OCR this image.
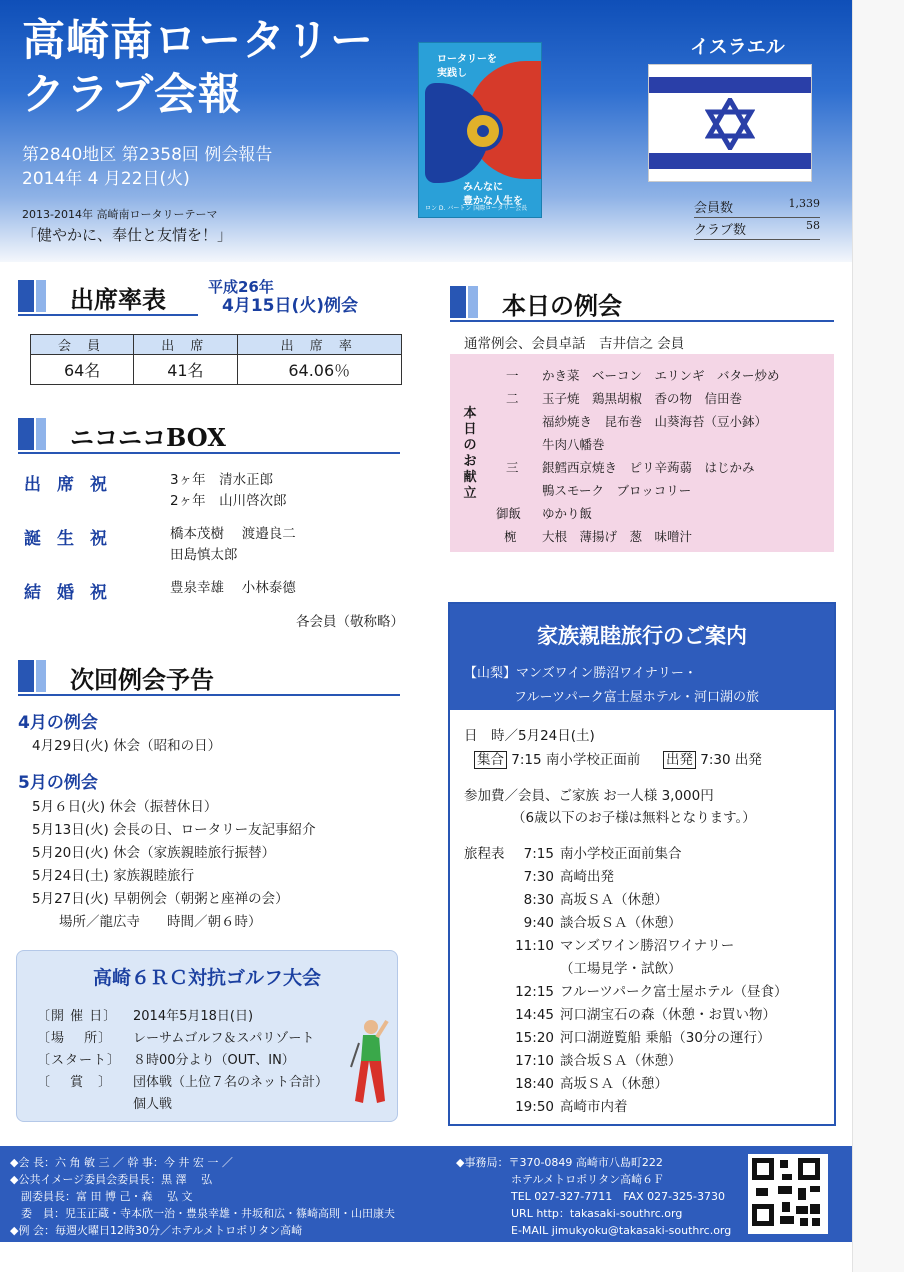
高崎南ロータリー
クラブ会報
第2840地区 第2358回 例会報告
2014年 4 月22日(火)
2013-2014年 高崎南ロータリーテーマ
「健やかに、奉仕と友情を！」
ロータリーを
実践し
みんなに
豊かな人生を
ロン D. バートン 国際ロータリー会長
イスラエル
会員数	1,339
クラブ数	58
出席率表	平成26年
4月15日(火)例会
会 員	出 席	出 席 率
64名	41名	64.06％
ニコニコBOX
出席祝	3ヶ年　清水正郎
2ヶ年　山川啓次郎
誕生祝	橋本茂樹　 渡邉良二
田島慎太郎
結婚祝	豊泉幸雄　 小林泰德
各会員（敬称略）
次回例会予告
4月の例会
4月29日(火) 休会（昭和の日）
5月の例会
5月６日(火) 休会（振替休日）
5月13日(火) 会長の日、ロータリー友記事紹介
5月20日(火) 休会（家族親睦旅行振替）
5月24日(土) 家族親睦旅行
5月27日(火) 早朝例会（朝粥と座禅の会）
　　場所／龍広寺　　時間／朝６時）
高崎６ＲＣ対抗ゴルフ大会
〔開 催 日〕 2014年5月18日(日)
〔場　 所〕 レーサムゴルフ＆スパリゾート
〔スタート〕 ８時00分より（OUT、IN）
〔　 賞　〕 団体戦（上位７名のネット合計）
個人戦
本日の例会
通常例会、会員卓話　吉井信之 会員
本日のお献立
一 かき菜　ベーコン　エリンギ　バター炒め
二 玉子焼　鶏黒胡椒　香の物　信田巻
福紗焼き　昆布巻　山葵海苔（豆小鉢）
牛肉八幡巻
三 銀鱈西京焼き　ピリ辛蒟蒻　はじかみ
鴨スモーク　ブロッコリー
御飯 ゆかり飯
椀 大根　薄揚げ　葱　味噌汁
家族親睦旅行のご案内
【山梨】マンズワイン勝沼ワイナリー・
フルーツパーク富士屋ホテル・河口湖の旅
日　時／5月24日(土)
集合 7:15 南小学校正面前 出発 7:30 出発
参加費／会員、ご家族 お一人様 3,000円
（6歳以下のお子様は無料となります。）
旅程表	7:15 南小学校正面前集合
7:30 高崎出発
8:30 高坂ＳＡ（休憩）
9:40 談合坂ＳＡ（休憩）
11:10 マンズワイン勝沼ワイナリー
（工場見学・試飲）
12:15 フルーツパーク富士屋ホテル（昼食）
14:45 河口湖宝石の森（休憩・お買い物）
15:20 河口湖遊覧船 乗船（30分の運行）
17:10 談合坂ＳＡ（休憩）
18:40 高坂ＳＡ（休憩）
19:50 高崎市内着
◆会 長：六 角 敏 三 ／ 幹 事：今 井 宏 一 ／
◆公共イメージ委員会委員長：黒 澤　 弘
　副委員長：富 田 博 己・森　 弘 文
　委　員：児玉正蔵・寺本欣一治・豊泉幸雄・井坂和広・篠崎高則・山田康夫
◆例 会：毎週火曜日12時30分／ホテルメトロポリタン高崎
◆事務局：〒370-0849 高崎市八島町222
　　　　　ホテルメトロポリタン高崎６Ｆ
　　　　　TEL 027-327-7711　FAX 027-325-3730
　　　　　URL http：takasaki-southrc.org
　　　　　E-MAIL jimukyoku@takasaki-southrc.org
